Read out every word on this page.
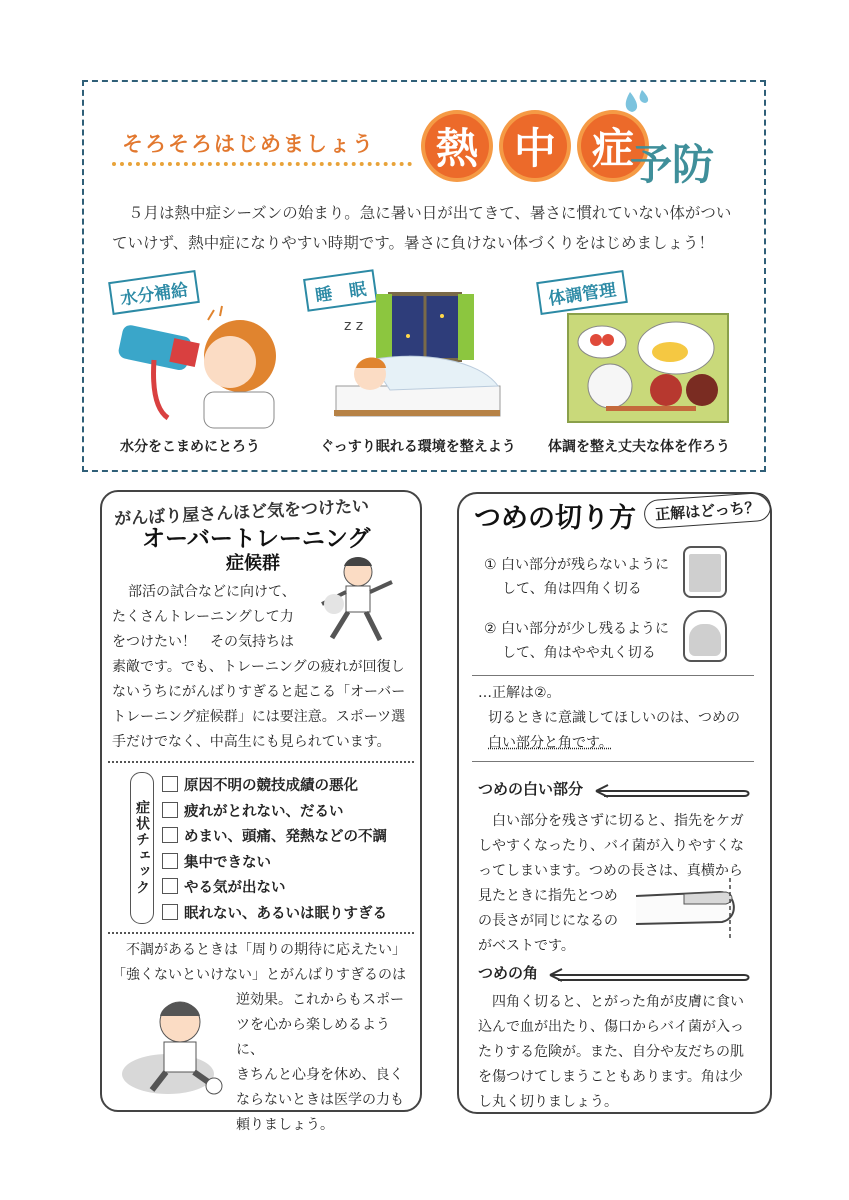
そろそろはじめましょう 熱 中 症
予防
５月は熱中症シーズンの始まり。急に暑い日が出てきて、暑さに慣れていない体がつい
ていけず、熱中症になりやすい時期です。暑さに負けない体づくりをはじめましょう！
水分補給
水分をこまめにとろう
睡　眠
z z
ぐっすり眠れる環境を整えよう
体調管理
体調を整え丈夫な体を作ろう
がんばり屋さんほど気をつけたい
オーバートレーニング
症候群
部活の試合などに向けて、
たくさんトレーニングして力
をつけたい！　その気持ちは
素敵です。でも、トレーニングの疲れが回復し
ないうちにがんばりすぎると起こる「オーバー
トレーニング症候群」には要注意。スポーツ選
手だけでなく、中高生にも見られています。
症状チェック
原因不明の競技成績の悪化
疲れがとれない、だるい
めまい、頭痛、発熱などの不調
集中できない
やる気が出ない
眠れない、あるいは眠りすぎる
不調があるときは「周りの期待に応えたい」
「強くないといけない」とがんばりすぎるのは
逆効果。これからもスポー
ツを心から楽しめるように、
きちんと心身を休め、良く
ならないときは医学の力も
頼りましょう。
つめの切り方	正解はどっち？
① 白い部分が残らないように
して、角は四角く切る
② 白い部分が少し残るように
して、角はやや丸く切る
…正解は②。
切るときに意識してほしいのは、つめの
白い部分と角です。
つめの白い部分
白い部分を残さずに切ると、指先をケガ
しやすくなったり、バイ菌が入りやすくな
ってしまいます。つめの長さは、真横から
見たときに指先とつめ
の長さが同じになるの
がベストです。
つめの角
四角く切ると、とがった角が皮膚に食い
込んで血が出たり、傷口からバイ菌が入っ
たりする危険が。また、自分や友だちの肌
を傷つけてしまうこともあります。角は少
し丸く切りましょう。
